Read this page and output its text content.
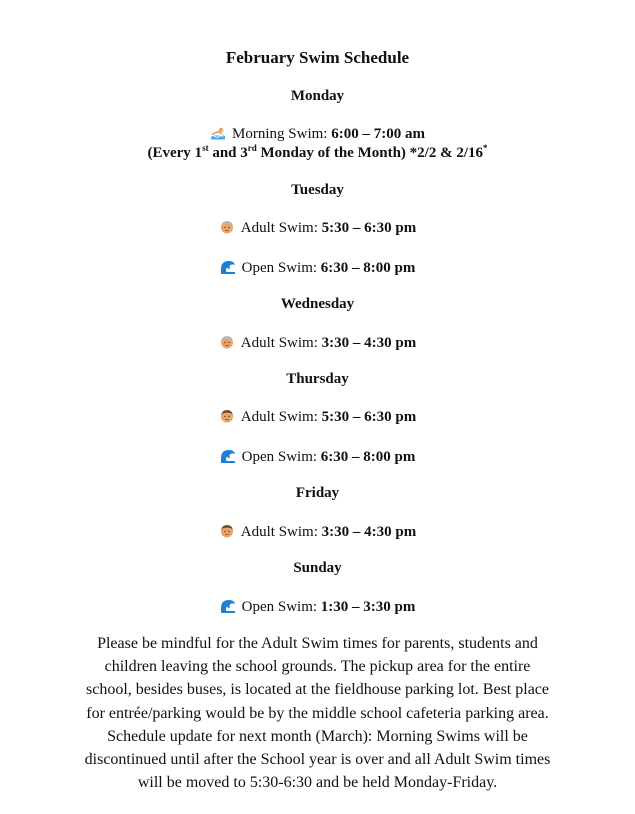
February Swim Schedule
Monday
Morning Swim: 6:00 – 7:00 am
(Every 1st and 3rd Monday of the Month) *2/2 & 2/16*
Tuesday
Adult Swim: 5:30 – 6:30 pm
Open Swim: 6:30 – 8:00 pm
Wednesday
Adult Swim: 3:30 – 4:30 pm
Thursday
Adult Swim: 5:30 – 6:30 pm
Open Swim: 6:30 – 8:00 pm
Friday
Adult Swim: 3:30 – 4:30 pm
Sunday
Open Swim: 1:30 – 3:30 pm
Please be mindful for the Adult Swim times for parents, students and
children leaving the school grounds. The pickup area for the entire
school, besides buses, is located at the fieldhouse parking lot. Best place
for entrée/parking would be by the middle school cafeteria parking area.
Schedule update for next month (March): Morning Swims will be
discontinued until after the School year is over and all Adult Swim times
will be moved to 5:30-6:30 and be held Monday-Friday.
